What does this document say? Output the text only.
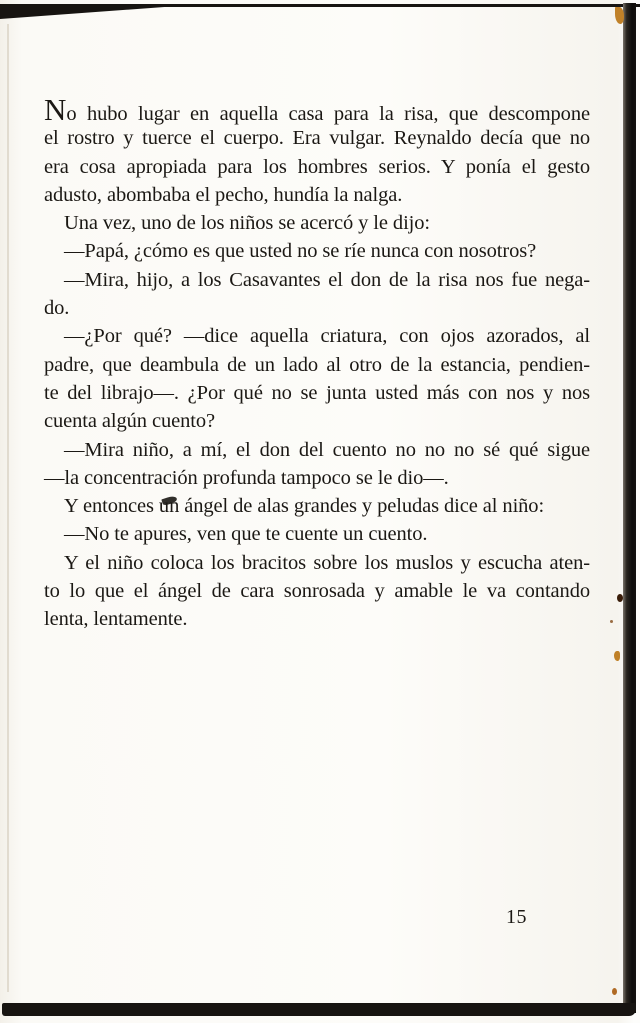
No hubo lugar en aquella casa para la risa, que descompone
el rostro y tuerce el cuerpo. Era vulgar. Reynaldo decía que no
era cosa apropiada para los hombres serios. Y ponía el gesto
adusto, abombaba el pecho, hundía la nalga.
Una vez, uno de los niños se acercó y le dijo:
—Papá, ¿cómo es que usted no se ríe nunca con nosotros?
—Mira, hijo, a los Casavantes el don de la risa nos fue nega-
do.
—¿Por qué? —dice aquella criatura, con ojos azorados, al
padre, que deambula de un lado al otro de la estancia, pendien-
te del librajo—. ¿Por qué no se junta usted más con nos y nos
cuenta algún cuento?
—Mira niño, a mí, el don del cuento no no no sé qué sigue
—la concentración profunda tampoco se le dio—.
Y entonces un ángel de alas grandes y peludas dice al niño:
—No te apures, ven que te cuente un cuento.
Y el niño coloca los bracitos sobre los muslos y escucha aten-
to lo que el ángel de cara sonrosada y amable le va contando
lenta, lentamente.
15
